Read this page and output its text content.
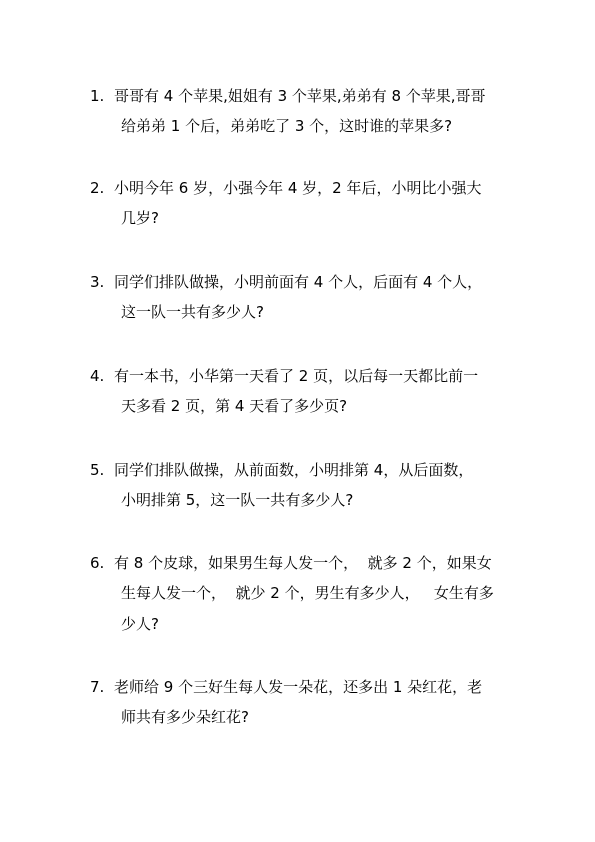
1. 哥哥有 4 个苹果,姐姐有 3 个苹果,弟弟有 8 个苹果,哥哥
给弟弟 1 个后，弟弟吃了 3 个，这时谁的苹果多?
2. 小明今年 6 岁，小强今年 4 岁，2 年后，小明比小强大
几岁?
3. 同学们排队做操，小明前面有 4 个人，后面有 4 个人，
这一队一共有多少人?
4. 有一本书，小华第一天看了 2 页，以后每一天都比前一
天多看 2 页，第 4 天看了多少页?
5. 同学们排队做操，从前面数，小明排第 4，从后面数，
小明排第 5，这一队一共有多少人?
6. 有 8 个皮球，如果男生每人发一个，  就多 2 个，如果女
生每人发一个，  就少 2 个，男生有多少人，   女生有多
少人?
7. 老师给 9 个三好生每人发一朵花，还多出 1 朵红花，老
师共有多少朵红花?
